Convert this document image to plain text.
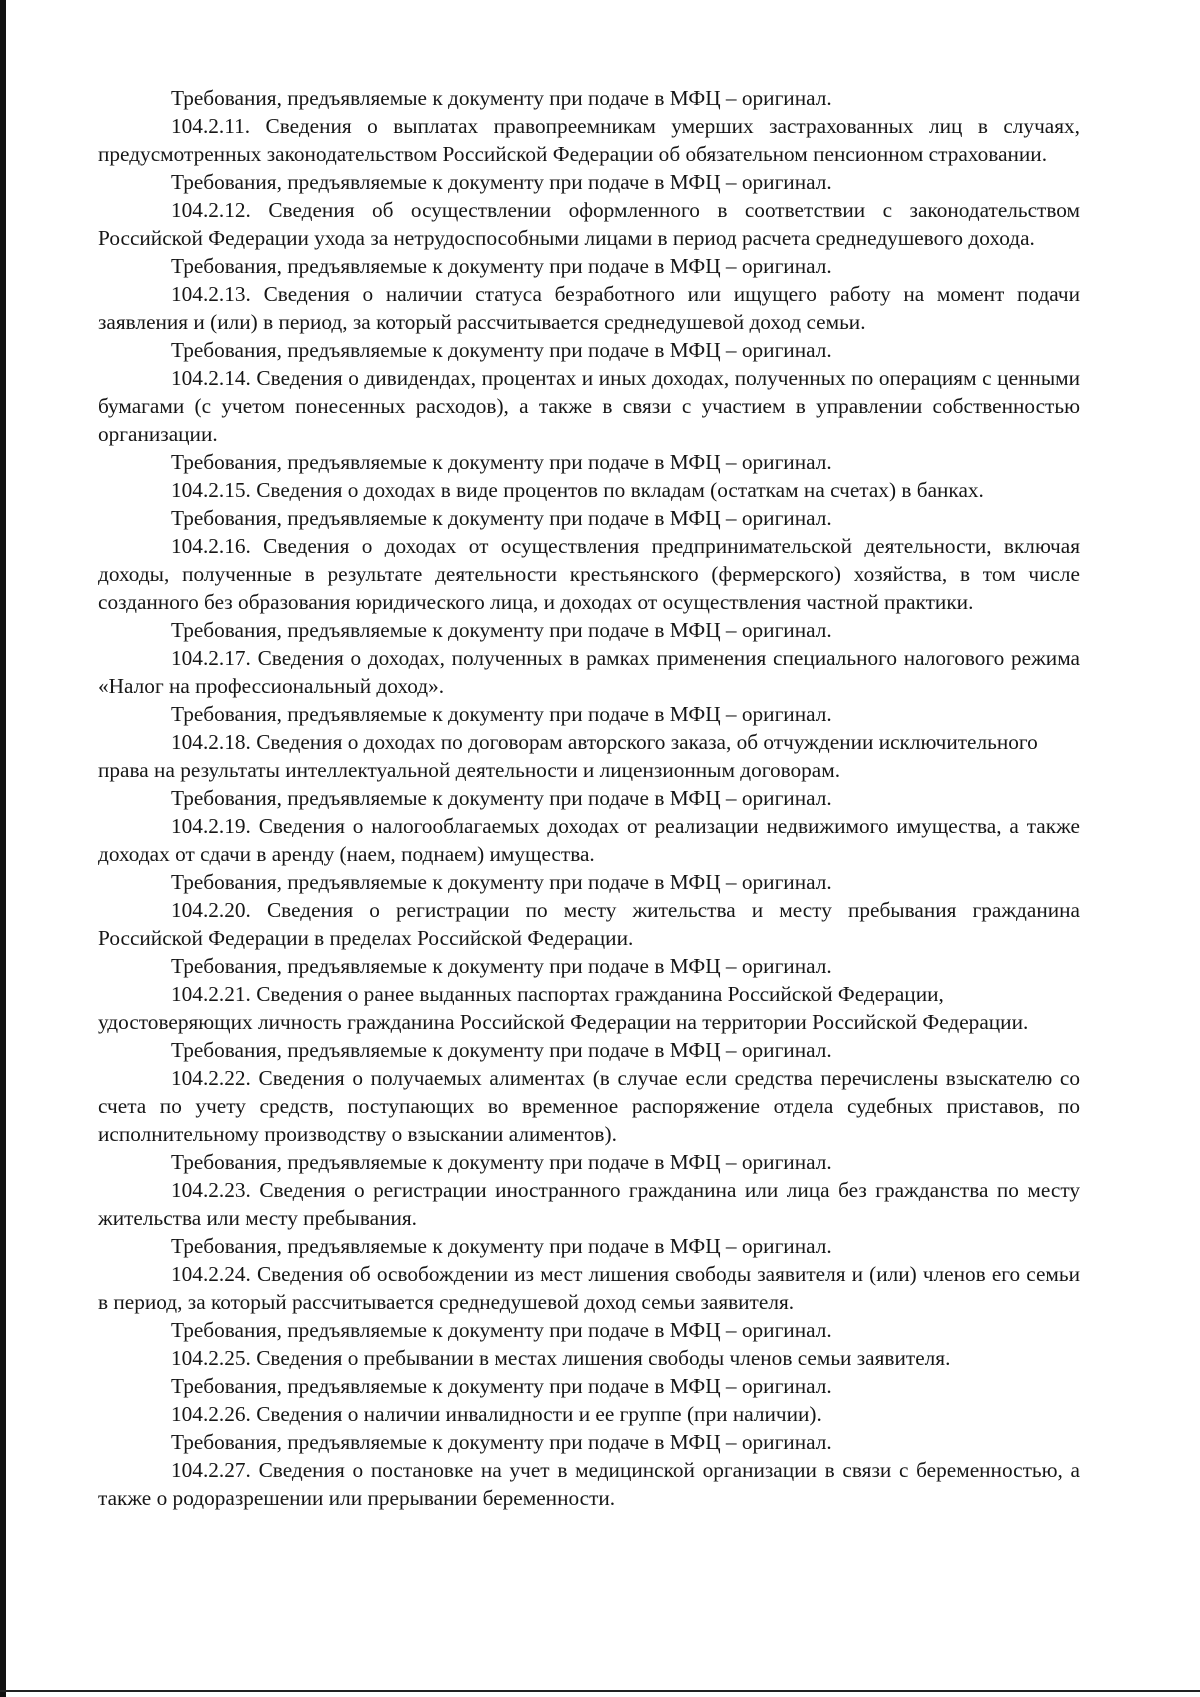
Требования, предъявляемые к документу при подаче в МФЦ – оригинал.

104.2.11. Сведения о выплатах правопреемникам умерших застрахованных лиц в случаях, предусмотренных законодательством Российской Федерации об обязательном пенсионном страховании.

Требования, предъявляемые к документу при подаче в МФЦ – оригинал.

104.2.12. Сведения об осуществлении оформленного в соответствии с законодательством Российской Федерации ухода за нетрудоспособными лицами в период расчета среднедушевого дохода.

Требования, предъявляемые к документу при подаче в МФЦ – оригинал.

104.2.13. Сведения о наличии статуса безработного или ищущего работу на момент подачи заявления и (или) в период, за который рассчитывается среднедушевой доход семьи.

Требования, предъявляемые к документу при подаче в МФЦ – оригинал.

104.2.14. Сведения о дивидендах, процентах и иных доходах, полученных по операциям с ценными бумагами (с учетом понесенных расходов), а также в связи с участием в управлении собственностью организации.

Требования, предъявляемые к документу при подаче в МФЦ – оригинал.

104.2.15. Сведения о доходах в виде процентов по вкладам (остаткам на счетах) в банках.

Требования, предъявляемые к документу при подаче в МФЦ – оригинал.

104.2.16. Сведения о доходах от осуществления предпринимательской деятельности, включая доходы, полученные в результате деятельности крестьянского (фермерского) хозяйства, в том числе созданного без образования юридического лица, и доходах от осуществления частной практики.

Требования, предъявляемые к документу при подаче в МФЦ – оригинал.

104.2.17. Сведения о доходах, полученных в рамках применения специального налогового режима «Налог на профессиональный доход».

Требования, предъявляемые к документу при подаче в МФЦ – оригинал.

104.2.18. Сведения о доходах по договорам авторского заказа, об отчуждении исключительного права на результаты интеллектуальной деятельности и лицензионным договорам.

Требования, предъявляемые к документу при подаче в МФЦ – оригинал.

104.2.19. Сведения о налогооблагаемых доходах от реализации недвижимого имущества, а также доходах от сдачи в аренду (наем, поднаем) имущества.

Требования, предъявляемые к документу при подаче в МФЦ – оригинал.

104.2.20. Сведения о регистрации по месту жительства и месту пребывания гражданина Российской Федерации в пределах Российской Федерации.

Требования, предъявляемые к документу при подаче в МФЦ – оригинал.

104.2.21. Сведения о ранее выданных паспортах гражданина Российской Федерации, удостоверяющих личность гражданина Российской Федерации на территории Российской Федерации.

Требования, предъявляемые к документу при подаче в МФЦ – оригинал.

104.2.22. Сведения о получаемых алиментах (в случае если средства перечислены взыскателю со счета по учету средств, поступающих во временное распоряжение отдела судебных приставов, по исполнительному производству о взыскании алиментов).

Требования, предъявляемые к документу при подаче в МФЦ – оригинал.

104.2.23. Сведения о регистрации иностранного гражданина или лица без гражданства по месту жительства или месту пребывания.

Требования, предъявляемые к документу при подаче в МФЦ – оригинал.

104.2.24. Сведения об освобождении из мест лишения свободы заявителя и (или) членов его семьи в период, за который рассчитывается среднедушевой доход семьи заявителя.

Требования, предъявляемые к документу при подаче в МФЦ – оригинал.

104.2.25. Сведения о пребывании в местах лишения свободы членов семьи заявителя.

Требования, предъявляемые к документу при подаче в МФЦ – оригинал.

104.2.26. Сведения о наличии инвалидности и ее группе (при наличии).

Требования, предъявляемые к документу при подаче в МФЦ – оригинал.

104.2.27. Сведения о постановке на учет в медицинской организации в связи с беременностью, а также о родоразрешении или прерывании беременности.
